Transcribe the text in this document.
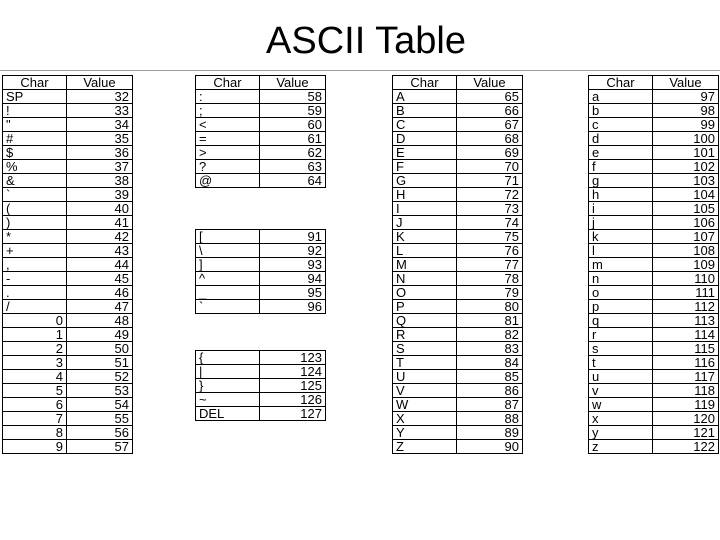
ASCII Table
Char	Value
SP	32
!	33
"	34
#	35
$	36
%	37
&	38
`	39
(	40
)	41
*	42
+	43
,	44
-	45
.	46
/	47
0	48
1	49
2	50
3	51
4	52
5	53
6	54
7	55
8	56
9	57
Char	Value
:	58
;	59
<	60
=	61
>	62
?	63
@	64
[	91
\	92
]	93
^	94
_	95
`	96
{	123
|	124
}	125
~	126
DEL	127
Char	Value
A	65
B	66
C	67
D	68
E	69
F	70
G	71
H	72
I	73
J	74
K	75
L	76
M	77
N	78
O	79
P	80
Q	81
R	82
S	83
T	84
U	85
V	86
W	87
X	88
Y	89
Z	90
Char	Value
a	97
b	98
c	99
d	100
e	101
f	102
g	103
h	104
i	105
j	106
k	107
l	108
m	109
n	110
o	111
p	112
q	113
r	114
s	115
t	116
u	117
v	118
w	119
x	120
y	121
z	122
